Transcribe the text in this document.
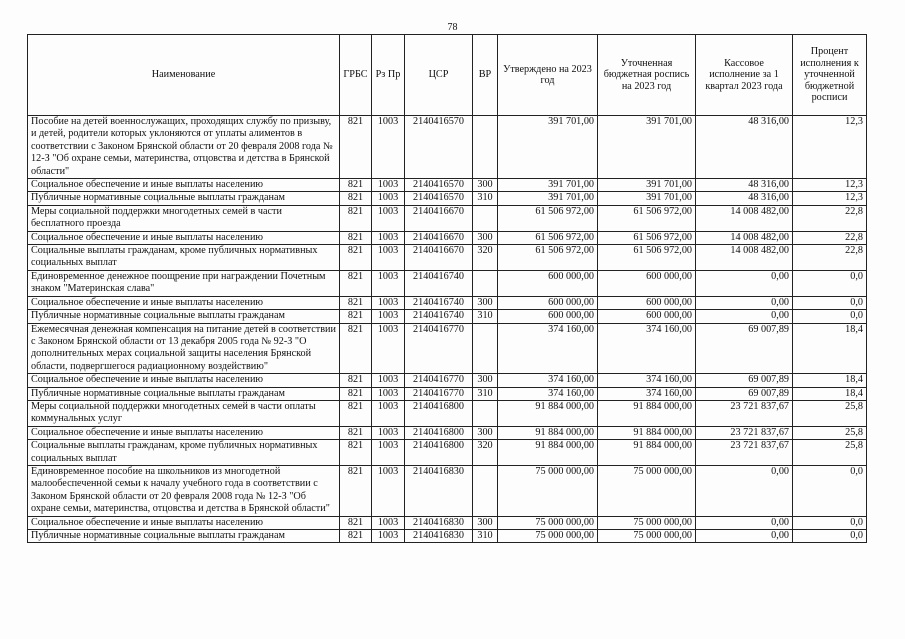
78
Наименование	ГРБС	Рз Пр	ЦСР	ВР	Утверждено на 2023 год	Уточненная бюджетная роспись на 2023 год	Кассовое исполнение за 1 квартал 2023 года	Процент исполнения к уточненной бюджетной росписи
Пособие на детей военнослужащих, проходящих службу по призыву, и детей, родители которых уклоняются от уплаты алиментов в соответствии с Законом Брянской области от 20 февраля 2008 года № 12-З "Об охране семьи, материнства, отцовства и детства в Брянской области"	821	1003	2140416570		391 701,00	391 701,00	48 316,00	12,3
Социальное обеспечение и иные выплаты населению	821	1003	2140416570	300	391 701,00	391 701,00	48 316,00	12,3
Публичные нормативные социальные выплаты гражданам	821	1003	2140416570	310	391 701,00	391 701,00	48 316,00	12,3
Меры социальной поддержки многодетных семей в части бесплатного проезда	821	1003	2140416670		61 506 972,00	61 506 972,00	14 008 482,00	22,8
Социальное обеспечение и иные выплаты населению	821	1003	2140416670	300	61 506 972,00	61 506 972,00	14 008 482,00	22,8
Социальные выплаты гражданам, кроме публичных нормативных социальных выплат	821	1003	2140416670	320	61 506 972,00	61 506 972,00	14 008 482,00	22,8
Единовременное денежное поощрение при награждении Почетным знаком "Материнская слава"	821	1003	2140416740		600 000,00	600 000,00	0,00	0,0
Социальное обеспечение и иные выплаты населению	821	1003	2140416740	300	600 000,00	600 000,00	0,00	0,0
Публичные нормативные социальные выплаты гражданам	821	1003	2140416740	310	600 000,00	600 000,00	0,00	0,0
Ежемесячная денежная компенсация на питание детей в соответствии с Законом Брянской области от 13 декабря 2005 года № 92-З "О дополнительных мерах социальной защиты населения Брянской области, подвергшегося радиационному воздействию"	821	1003	2140416770		374 160,00	374 160,00	69 007,89	18,4
Социальное обеспечение и иные выплаты населению	821	1003	2140416770	300	374 160,00	374 160,00	69 007,89	18,4
Публичные нормативные социальные выплаты гражданам	821	1003	2140416770	310	374 160,00	374 160,00	69 007,89	18,4
Меры социальной поддержки многодетных семей в части оплаты коммунальных услуг	821	1003	2140416800		91 884 000,00	91 884 000,00	23 721 837,67	25,8
Социальное обеспечение и иные выплаты населению	821	1003	2140416800	300	91 884 000,00	91 884 000,00	23 721 837,67	25,8
Социальные выплаты гражданам, кроме публичных нормативных социальных выплат	821	1003	2140416800	320	91 884 000,00	91 884 000,00	23 721 837,67	25,8
Единовременное пособие на школьников из многодетной малообеспеченной семьи к началу учебного года в соответствии с Законом Брянской области от 20 февраля 2008 года № 12-З "Об охране семьи, материнства, отцовства и детства в Брянской области"	821	1003	2140416830		75 000 000,00	75 000 000,00	0,00	0,0
Социальное обеспечение и иные выплаты населению	821	1003	2140416830	300	75 000 000,00	75 000 000,00	0,00	0,0
Публичные нормативные социальные выплаты гражданам	821	1003	2140416830	310	75 000 000,00	75 000 000,00	0,00	0,0
